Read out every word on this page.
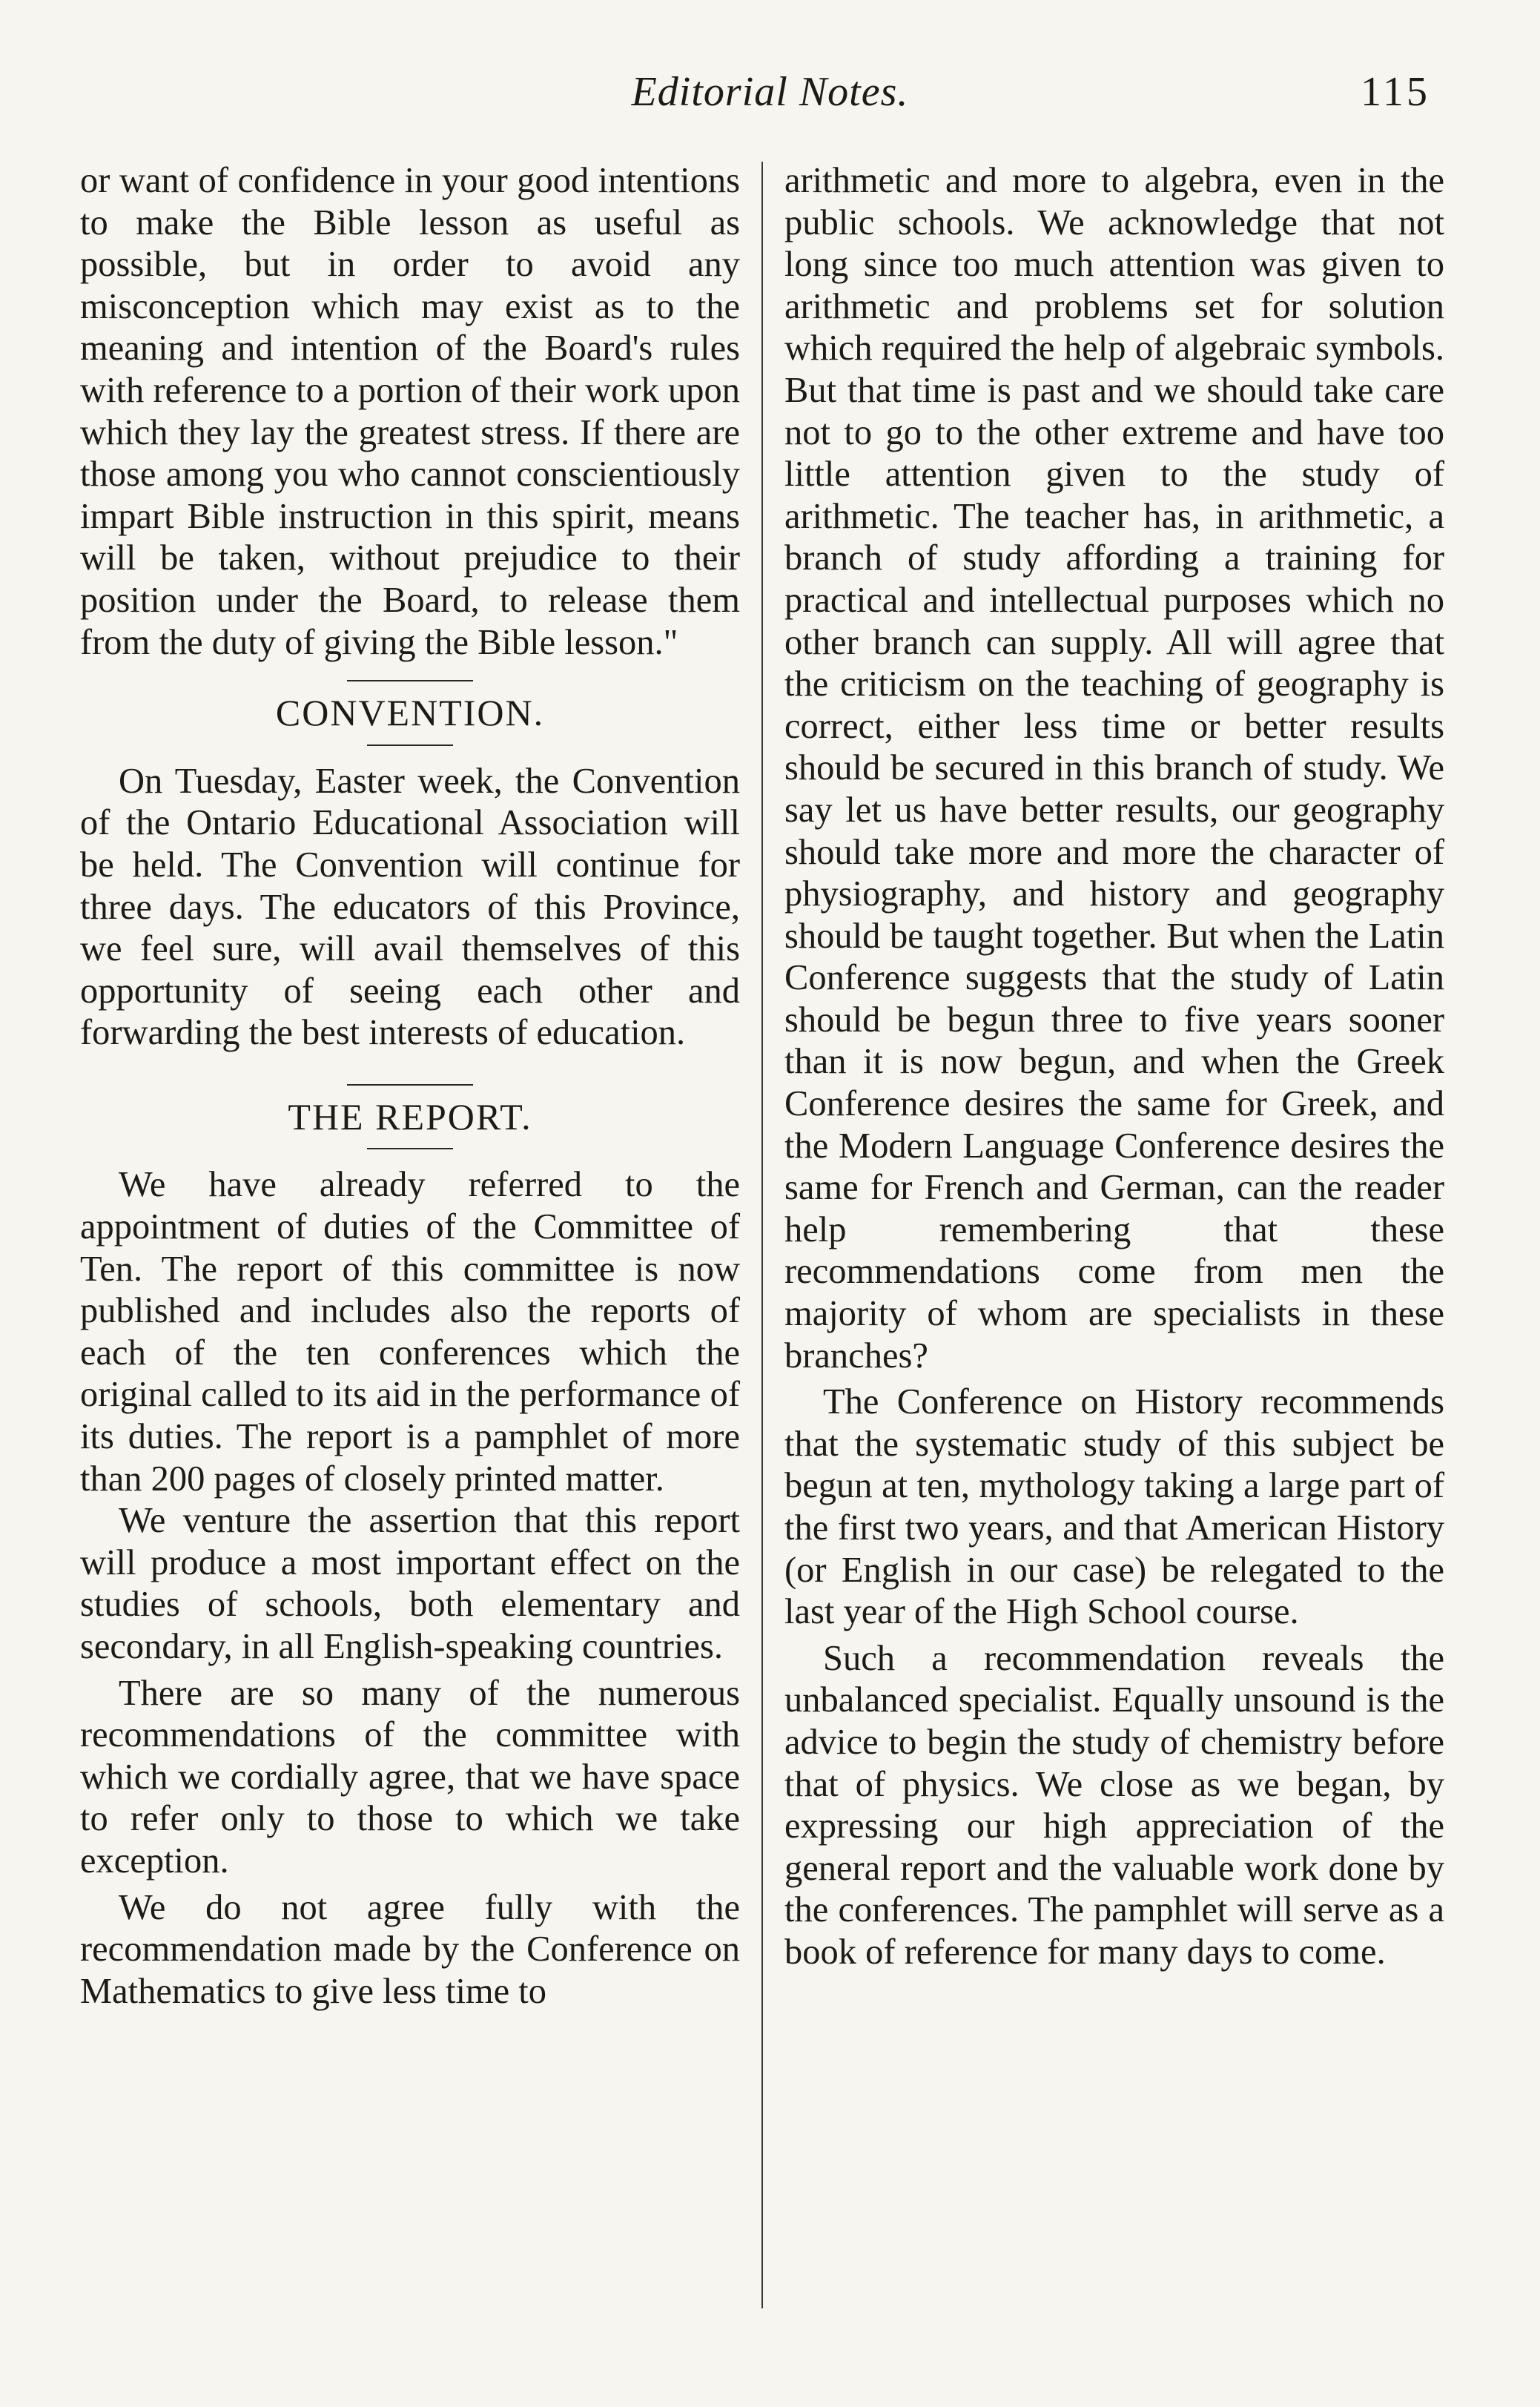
Editorial Notes.	115

or want of confidence in your good intentions to make the Bible lesson as useful as possible, but in order to avoid any misconception which may exist as to the meaning and intention of the Board's rules with reference to a portion of their work upon which they lay the greatest stress. If there are those among you who cannot conscientiously impart Bible instruction in this spirit, means will be taken, without prejudice to their position under the Board, to release them from the duty of giving the Bible lesson."

CONVENTION.

On Tuesday, Easter week, the Convention of the Ontario Educational Association will be held. The Convention will continue for three days. The educators of this Province, we feel sure, will avail themselves of this opportunity of seeing each other and forwarding the best interests of education.

THE REPORT.

We have already referred to the appointment of duties of the Committee of Ten. The report of this committee is now published and includes also the reports of each of the ten conferences which the original called to its aid in the performance of its duties. The report is a pamphlet of more than 200 pages of closely printed matter.

We venture the assertion that this report will produce a most important effect on the studies of schools, both elementary and secondary, in all English-speaking countries.

There are so many of the numerous recommendations of the committee with which we cordially agree, that we have space to refer only to those to which we take exception.

We do not agree fully with the recommendation made by the Conference on Mathematics to give less time to

arithmetic and more to algebra, even in the public schools. We acknowledge that not long since too much attention was given to arithmetic and problems set for solution which required the help of algebraic symbols. But that time is past and we should take care not to go to the other extreme and have too little attention given to the study of arithmetic. The teacher has, in arithmetic, a branch of study affording a training for practical and intellectual purposes which no other branch can supply. All will agree that the criticism on the teaching of geography is correct, either less time or better results should be secured in this branch of study. We say let us have better results, our geography should take more and more the character of physiography, and history and geography should be taught together. But when the Latin Conference suggests that the study of Latin should be begun three to five years sooner than it is now begun, and when the Greek Conference desires the same for Greek, and the Modern Language Conference desires the same for French and German, can the reader help remembering that these recommendations come from men the majority of whom are specialists in these branches?

The Conference on History recommends that the systematic study of this subject be begun at ten, mythology taking a large part of the first two years, and that American History (or English in our case) be relegated to the last year of the High School course.

Such a recommendation reveals the unbalanced specialist. Equally unsound is the advice to begin the study of chemistry before that of physics. We close as we began, by expressing our high appreciation of the general report and the valuable work done by the conferences. The pamphlet will serve as a book of reference for many days to come.
